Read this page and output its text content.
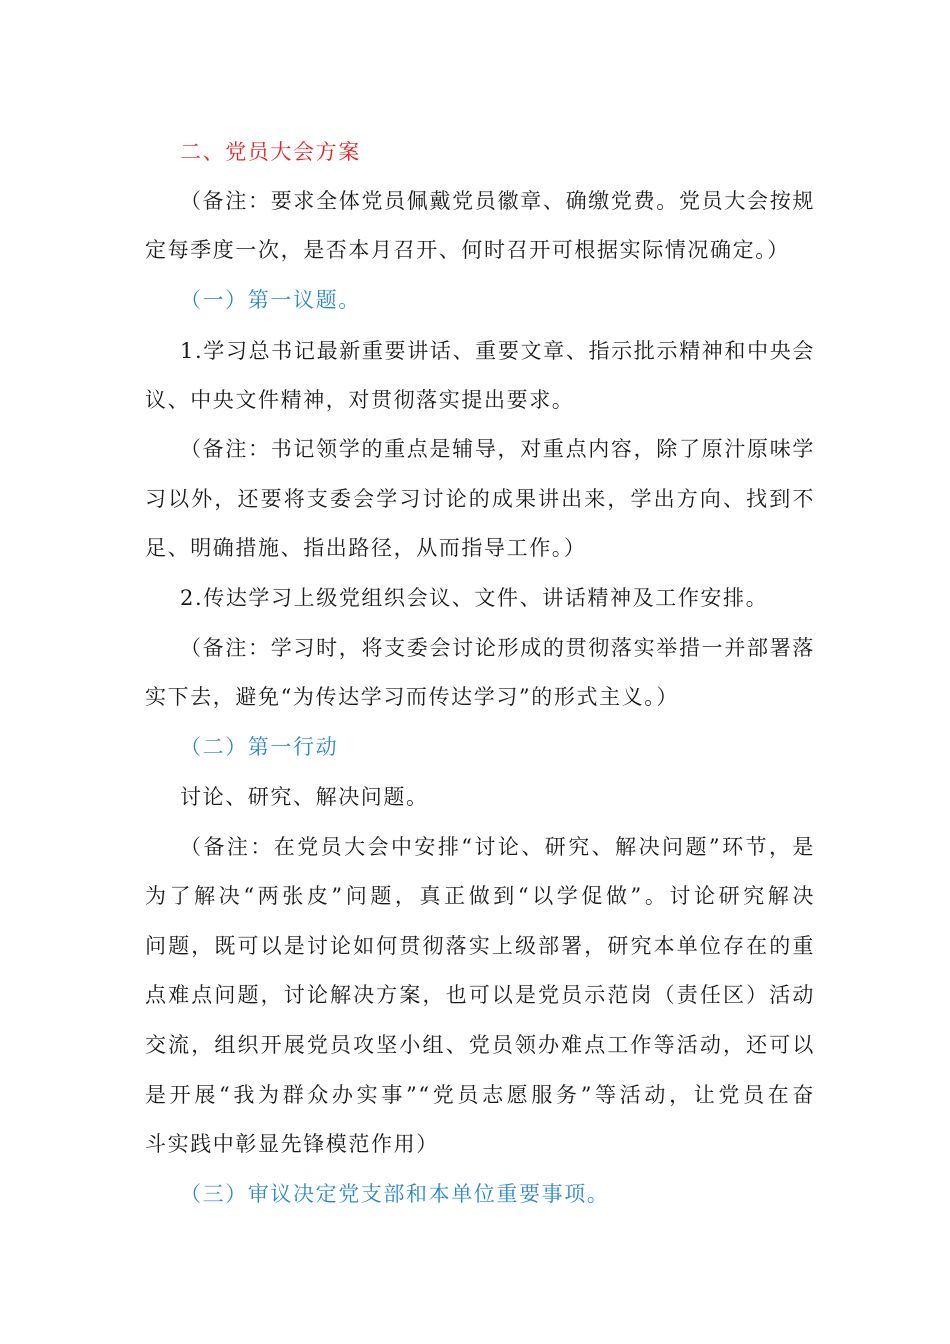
二、党员大会方案
（备注：要求全体党员佩戴党员徽章、确缴党费。党员大会按规
定每季度一次，是否本月召开、何时召开可根据实际情况确定。）
（一）第一议题。
1.学习总书记最新重要讲话、重要文章、指示批示精神和中央会
议、中央文件精神，对贯彻落实提出要求。
（备注：书记领学的重点是辅导，对重点内容，除了原汁原味学
习以外，还要将支委会学习讨论的成果讲出来，学出方向、找到不
足、明确措施、指出路径，从而指导工作。）
2.传达学习上级党组织会议、文件、讲话精神及工作安排。
（备注：学习时，将支委会讨论形成的贯彻落实举措一并部署落
实下去，避免“为传达学习而传达学习”的形式主义。）
（二）第一行动
讨论、研究、解决问题。
（备注：在党员大会中安排“讨论、研究、解决问题”环节，是
为了解决“两张皮”问题，真正做到“以学促做”。讨论研究解决
问题，既可以是讨论如何贯彻落实上级部署，研究本单位存在的重
点难点问题，讨论解决方案，也可以是党员示范岗（责任区）活动
交流，组织开展党员攻坚小组、党员领办难点工作等活动，还可以
是开展“我为群众办实事”“党员志愿服务”等活动，让党员在奋
斗实践中彰显先锋模范作用）
（三）审议决定党支部和本单位重要事项。
